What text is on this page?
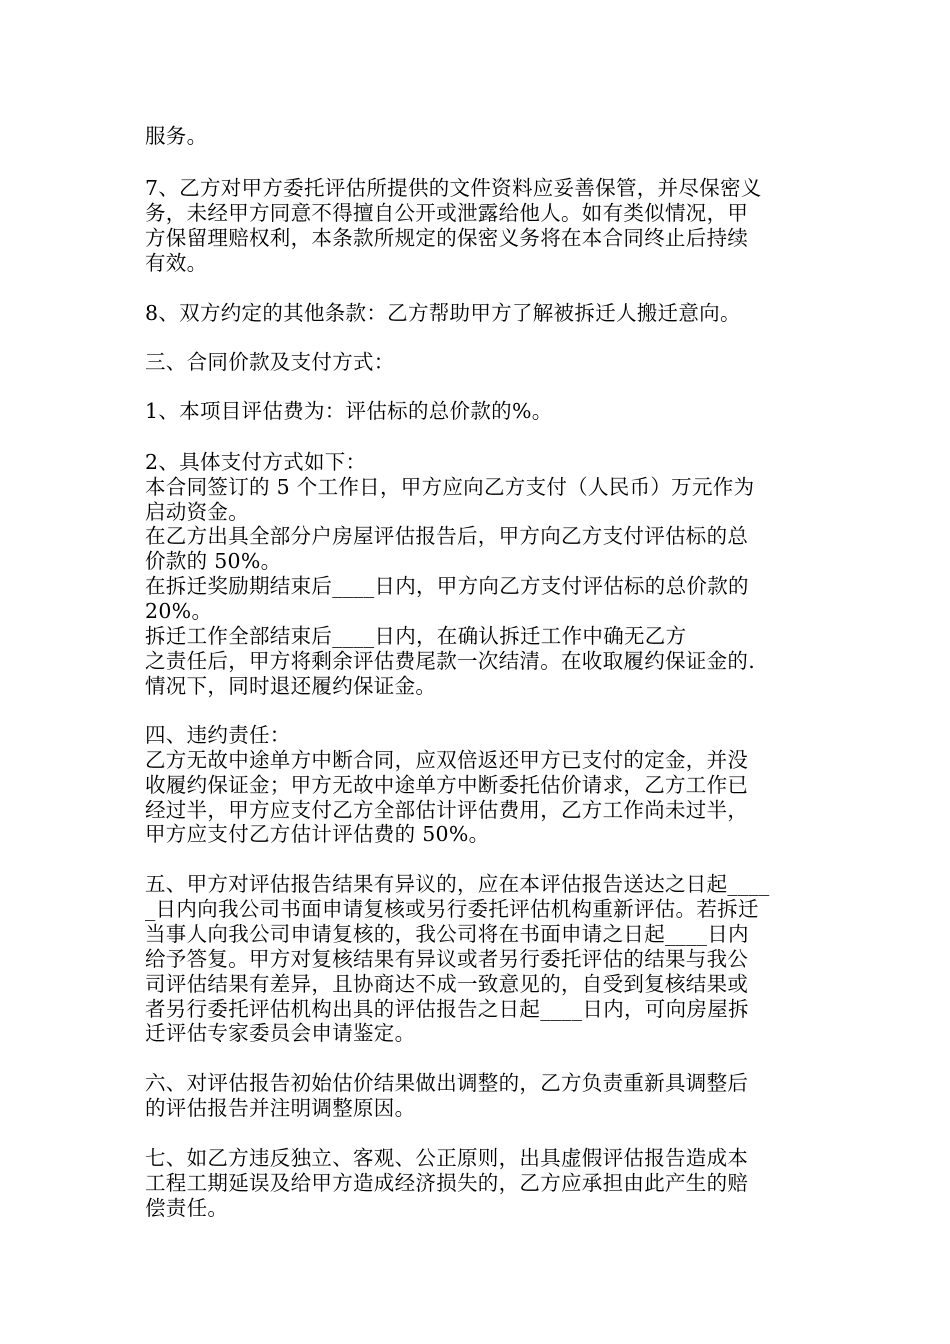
服务。
7、乙方对甲方委托评估所提供的文件资料应妥善保管，并尽保密义
务，未经甲方同意不得擅自公开或泄露给他人。如有类似情况，甲
方保留理赔权利，本条款所规定的保密义务将在本合同终止后持续
有效。
8、双方约定的其他条款：乙方帮助甲方了解被拆迁人搬迁意向。
三、合同价款及支付方式：
1、本项目评估费为：评估标的总价款的%。
2、具体支付方式如下：
本合同签订的 5 个工作日，甲方应向乙方支付（人民币）万元作为
启动资金。
在乙方出具全部分户房屋评估报告后，甲方向乙方支付评估标的总
价款的 50%。
在拆迁奖励期结束后____日内，甲方向乙方支付评估标的总价款的
20%。
拆迁工作全部结束后____日内，在确认拆迁工作中确无乙方
之责任后，甲方将剩余评估费尾款一次结清。在收取履约保证金的.
情况下，同时退还履约保证金。
四、违约责任：
乙方无故中途单方中断合同，应双倍返还甲方已支付的定金，并没
收履约保证金；甲方无故中途单方中断委托估价请求，乙方工作已
经过半，甲方应支付乙方全部估计评估费用，乙方工作尚未过半，
甲方应支付乙方估计评估费的 50%。
五、甲方对评估报告结果有异议的，应在本评估报告送达之日起____
_日内向我公司书面申请复核或另行委托评估机构重新评估。若拆迁
当事人向我公司申请复核的，我公司将在书面申请之日起____日内
给予答复。甲方对复核结果有异议或者另行委托评估的结果与我公
司评估结果有差异，且协商达不成一致意见的，自受到复核结果或
者另行委托评估机构出具的评估报告之日起____日内，可向房屋拆
迁评估专家委员会申请鉴定。
六、对评估报告初始估价结果做出调整的，乙方负责重新具调整后
的评估报告并注明调整原因。
七、如乙方违反独立、客观、公正原则，出具虚假评估报告造成本
工程工期延误及给甲方造成经济损失的，乙方应承担由此产生的赔
偿责任。
